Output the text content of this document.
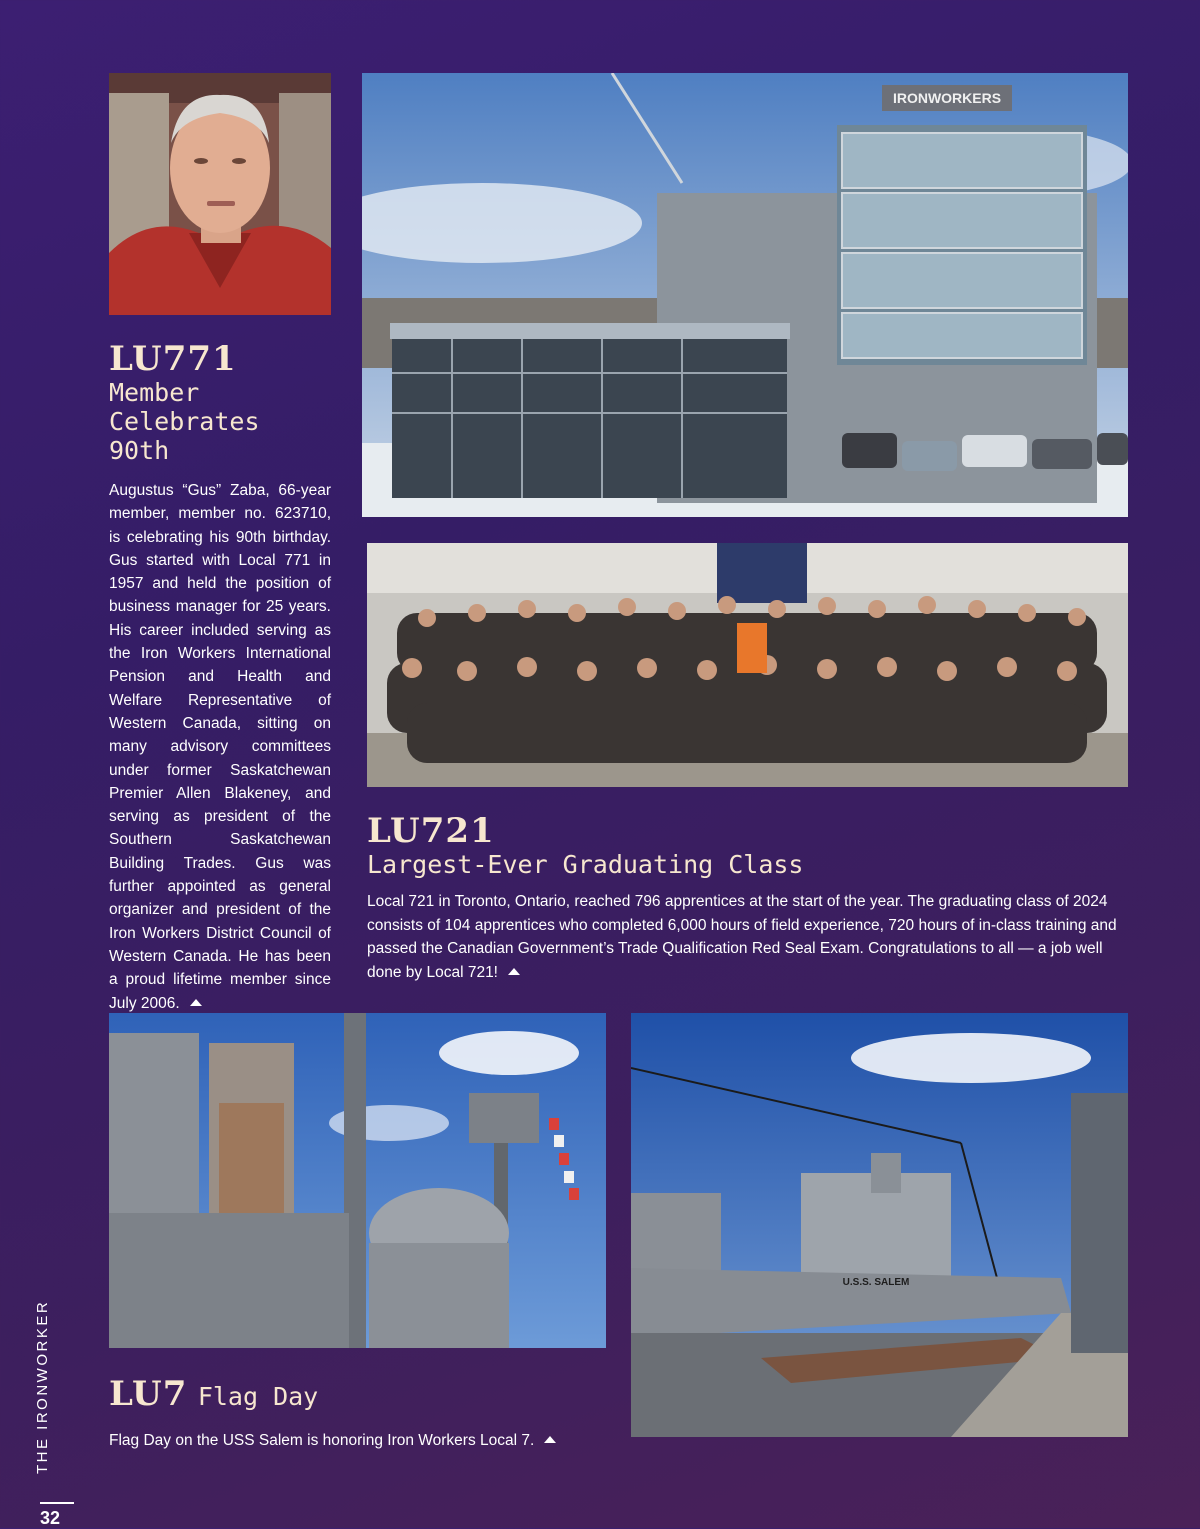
IRONWORKERS
U.S.S. SALEM
LU771
Member
Celebrates 90th
Augustus “Gus” Zaba, 66-year member, member no. 623710, is celebrating his 90th birthday. Gus started with Local 771 in 1957 and held the position of business manager for 25 years. His career included serving as the Iron Workers International Pension and Health and Welfare Representative of Western Canada, sitting on many advisory committees under former Saskatchewan Premier Allen Blakeney, and serving as president of the Southern Saskatchewan Building Trades. Gus was further appointed as general organizer and president of the Iron Workers District Council of Western Canada. He has been a proud lifetime member since July 2006.
LU721
Largest-Ever Graduating Class
Local 721 in Toronto, Ontario, reached 796 apprentices at the start of the year. The graduating class of 2024 consists of 104 apprentices who completed 6,000 hours of field experience, 720 hours of in-class training and passed the Canadian Government’s Trade Qualification Red Seal Exam. Congratulations to all — a job well done by Local 721!
LU7 Flag Day
Flag Day on the USS Salem is honoring Iron Workers Local 7.
THE IRONWORKER
32
